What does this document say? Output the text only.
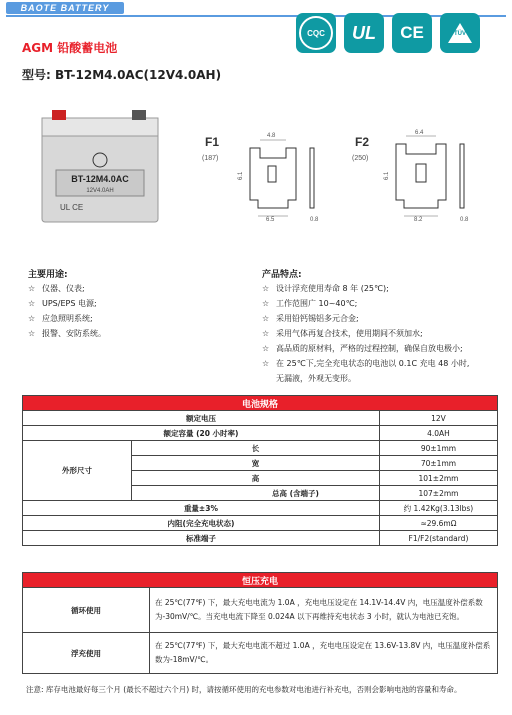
BAOTE BATTERY
CQC	UL CE	TÜV
AGM 铅酸蓄电池
型号: BT-12M4.0AC(12V4.0AH)
BT-12M4.0AC
12V4.0AH
UL CE
F1
(187)
4.8
6.5	0.8
6.1
F2
(250)
6.4
8.2	0.8
6.1
主要用途:
☆ 仪器、仪表;
☆ UPS/EPS 电源;
☆ 应急照明系统;
☆ 报警、安防系统。
产品特点:
☆ 设计浮充使用寿命 8 年 (25℃);
☆ 工作范围广 10~40℃;
☆ 采用铅钙锡铝多元合金;
☆ 采用气体再复合技术，使用期间不须加水;
☆ 高品质的原材料，严格的过程控制，确保自放电极小;
☆ 在 25℃下,完全充电状态的电池以 0.1C 充电 48 小时,
无漏液，外观无变形。
电池规格		
额定电压		12V
额定容量 (20 小时率)		4.0AH
外形尺寸	长	90±1mm
	宽	70±1mm
	高	101±2mm
	总高 (含端子)	107±2mm
重量±3%		约 1.42Kg(3.13lbs)
内阻(完全充电状态)		≈29.6mΩ
标准端子		F1/F2(standard)
恒压充电	
循环使用	在 25℃(77℉) 下，最大充电电流为 1.0A ，充电电压设定在 14.1V-14.4V 内，电压温度补偿系数为-30mV/℃。当充电电流下降至 0.024A 以下再维持充电状态 3 小时，就认为电池已充饱。
浮充使用	在 25℃(77℉) 下，最大充电电流不超过 1.0A ，充电电压设定在 13.6V-13.8V 内，电压温度补偿系数为-18mV/℃。
注意: 库存电池最好每三个月 (最长不超过六个月) 时，请按循环使用的充电参数对电池进行补充电，否则会影响电池的容量和寿命。
